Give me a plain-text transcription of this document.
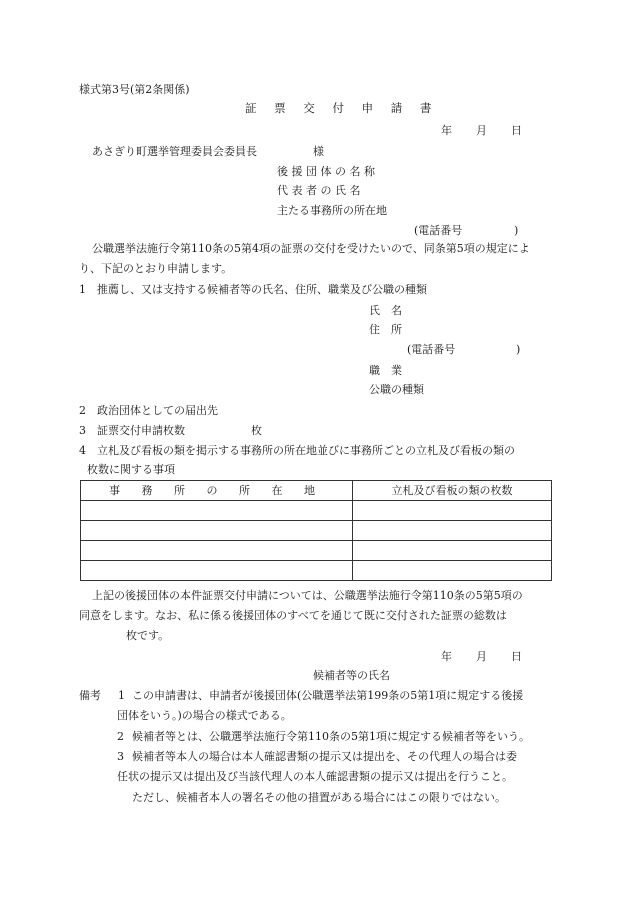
様式第3号(第2条関係)
証 票 交 付 申 請 書
年 月 日
あさぎり町選挙管理委員会委員長	様
後 援 団 体 の 名 称
代 表 者 の 氏 名
主たる事務所の所在地
(電話番号	)
公職選挙法施行令第110条の5第4項の証票の交付を受けたいので、同条第5項の規定によ
り、下記のとおり申請します。
1　推薦し、又は支持する候補者等の氏名、住所、職業及び公職の種類
氏　名
住　所
(電話番号	)
職　業
公職の種類
2　政治団体としての届出先
3　証票交付申請枚数	枚
4　立札及び看板の類を掲示する事務所の所在地並びに事務所ごとの立札及び看板の類の
枚数に関する事項
事 務 所 の 所 在 地	立札及び看板の類の枚数

上記の後援団体の本件証票交付申請については、公職選挙法施行令第110条の5第5項の
同意をします。なお、私に係る後援団体のすべてを通じて既に交付された証票の総数は
枚です。
年 月 日
候補者等の氏名
備考 1 この申請書は、申請者が後援団体(公職選挙法第199条の5第1項に規定する後援
団体をいう。)の場合の様式である。
2 候補者等とは、公職選挙法施行令第110条の5第1項に規定する候補者等をいう。
3 候補者等本人の場合は本人確認書類の提示又は提出を、その代理人の場合は委
任状の提示又は提出及び当該代理人の本人確認書類の提示又は提出を行うこと。
ただし、候補者本人の署名その他の措置がある場合にはこの限りではない。
